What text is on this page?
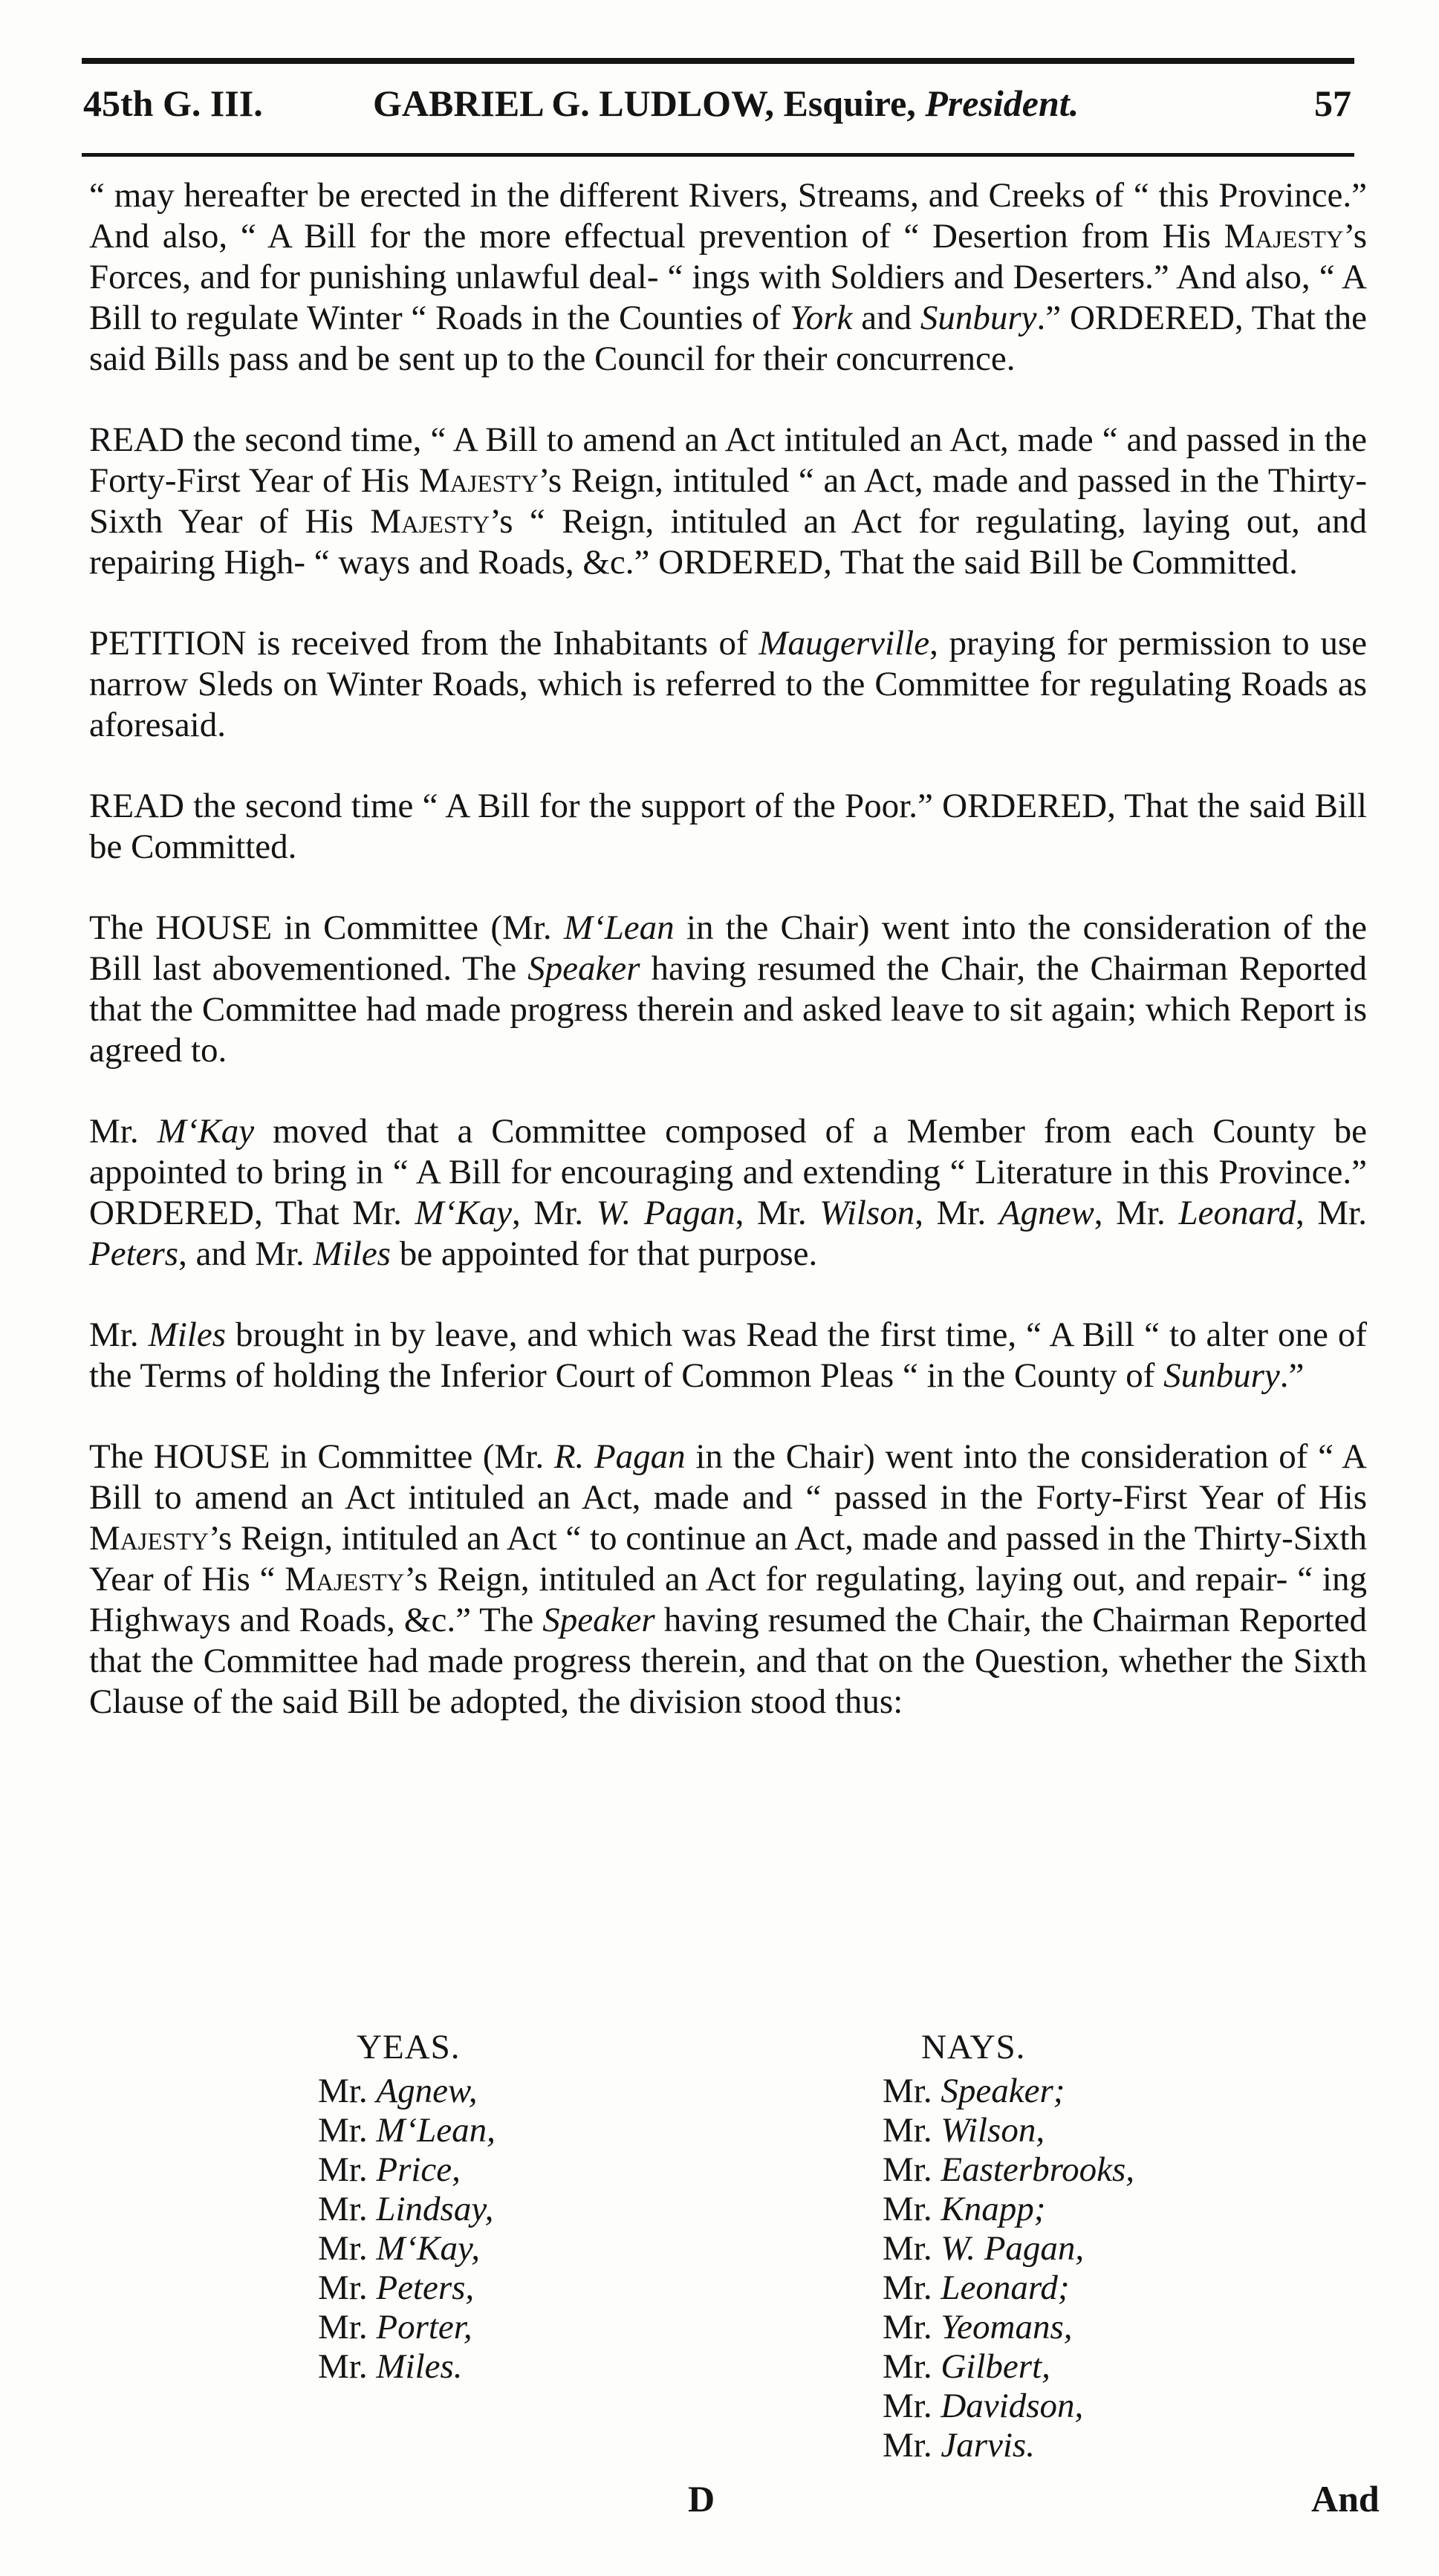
45th G. III.	GABRIEL G. LUDLOW, Esquire, President.	57

“ may hereafter be erected in the different Rivers, Streams, and Creeks of “ this Province.” And also, “ A Bill for the more effectual prevention of “ Desertion from His Majesty’s Forces, and for punishing unlawful deal- “ ings with Soldiers and Deserters.” And also, “ A Bill to regulate Winter “ Roads in the Counties of York and Sunbury.” ORDERED, That the said Bills pass and be sent up to the Council for their concurrence.

READ the second time, “ A Bill to amend an Act intituled an Act, made “ and passed in the Forty-First Year of His Majesty’s Reign, intituled “ an Act, made and passed in the Thirty-Sixth Year of His Majesty’s “ Reign, intituled an Act for regulating, laying out, and repairing High- “ ways and Roads, &c.” ORDERED, That the said Bill be Committed.

PETITION is received from the Inhabitants of Maugerville, praying for permission to use narrow Sleds on Winter Roads, which is referred to the Committee for regulating Roads as aforesaid.

READ the second time “ A Bill for the support of the Poor.” ORDERED, That the said Bill be Committed.

The HOUSE in Committee (Mr. M‘Lean in the Chair) went into the consideration of the Bill last abovementioned. The Speaker having resumed the Chair, the Chairman Reported that the Committee had made progress therein and asked leave to sit again; which Report is agreed to.

Mr. M‘Kay moved that a Committee composed of a Member from each County be appointed to bring in “ A Bill for encouraging and extending “ Literature in this Province.” ORDERED, That Mr. M‘Kay, Mr. W. Pagan, Mr. Wilson, Mr. Agnew, Mr. Leonard, Mr. Peters, and Mr. Miles be appointed for that purpose.

Mr. Miles brought in by leave, and which was Read the first time, “ A Bill “ to alter one of the Terms of holding the Inferior Court of Common Pleas “ in the County of Sunbury.”

The HOUSE in Committee (Mr. R. Pagan in the Chair) went into the consideration of “ A Bill to amend an Act intituled an Act, made and “ passed in the Forty-First Year of His Majesty’s Reign, intituled an Act “ to continue an Act, made and passed in the Thirty-Sixth Year of His “ Majesty’s Reign, intituled an Act for regulating, laying out, and repair- “ ing Highways and Roads, &c.” The Speaker having resumed the Chair, the Chairman Reported that the Committee had made progress therein, and that on the Question, whether the Sixth Clause of the said Bill be adopted, the division stood thus:

YEAS.
Mr. Agnew,
Mr. M‘Lean,
Mr. Price,
Mr. Lindsay,
Mr. M‘Kay,
Mr. Peters,
Mr. Porter,
Mr. Miles.
NAYS.
Mr. Speaker;
Mr. Wilson,
Mr. Easterbrooks,
Mr. Knapp;
Mr. W. Pagan,
Mr. Leonard;
Mr. Yeomans,
Mr. Gilbert,
Mr. Davidson,
Mr. Jarvis.
D	And
